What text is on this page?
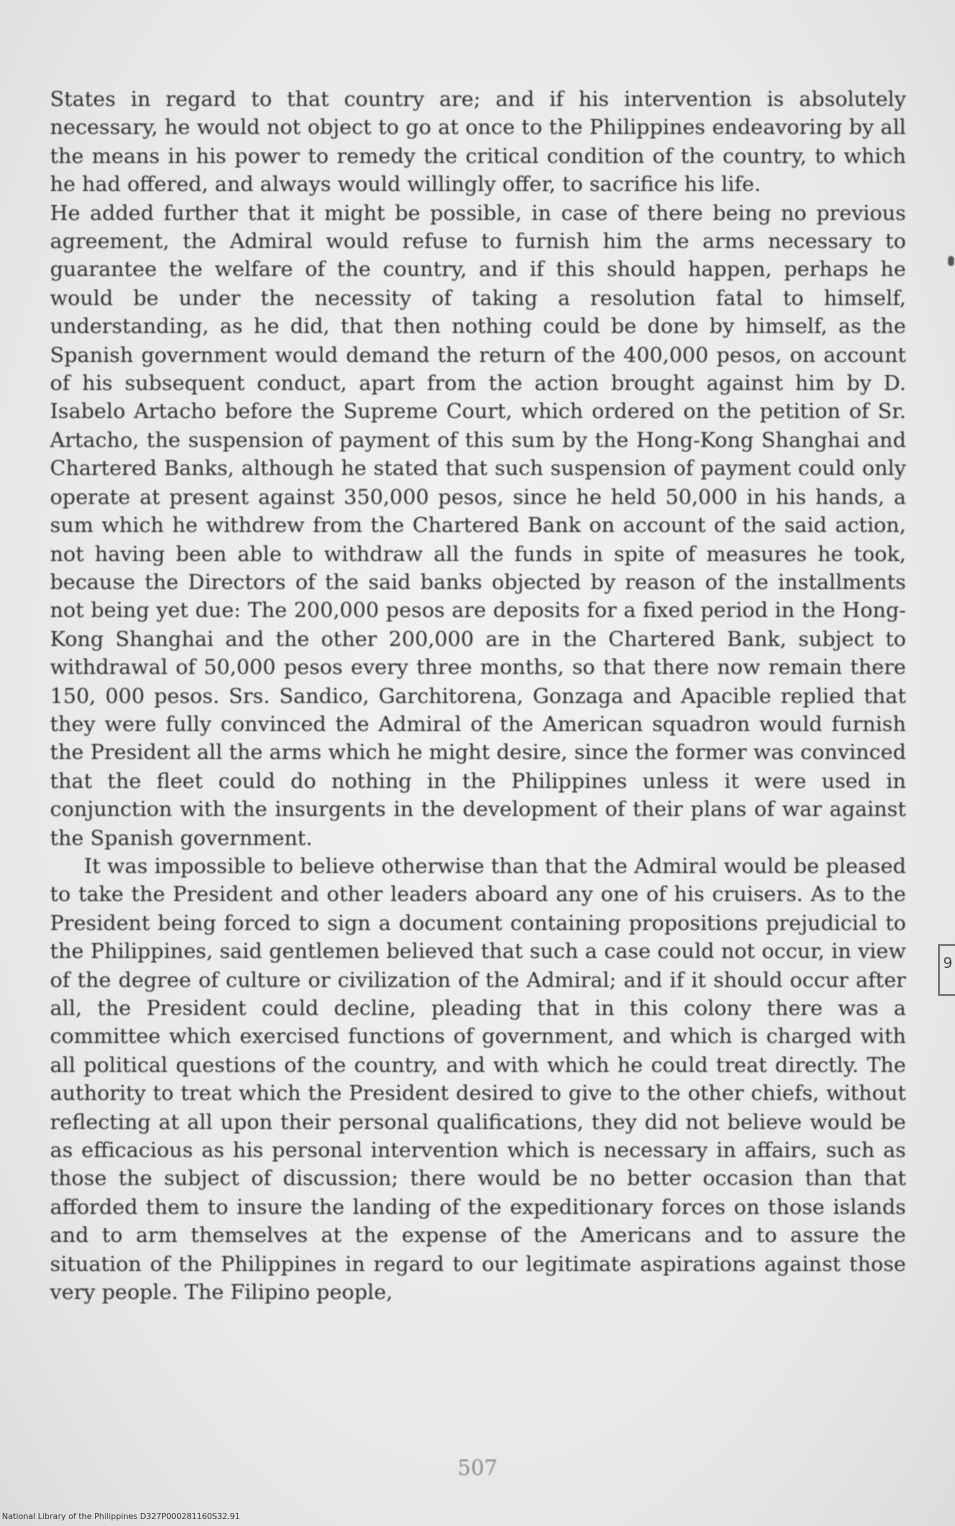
States in regard to that country are; and if his intervention is absolutely necessary, he would not object to go at once to the Philippines endeavoring by all the means in his power to remedy the critical condition of the country, to which he had offered, and always would willingly offer, to sacrifice his life.

He added further that it might be possible, in case of there being no previous agreement, the Admiral would refuse to furnish him the arms necessary to guarantee the welfare of the country, and if this should happen, perhaps he would be under the necessity of taking a resolution fatal to himself, understanding, as he did, that then nothing could be done by himself, as the Spanish government would demand the return of the 400,000 pesos, on account of his subsequent conduct, apart from the action brought against him by D. Isabelo Artacho before the Supreme Court, which ordered on the petition of Sr. Artacho, the suspension of payment of this sum by the Hong-Kong Shanghai and Chartered Banks, although he stated that such suspension of payment could only operate at present against 350,000 pesos, since he held 50,000 in his hands, a sum which he withdrew from the Chartered Bank on account of the said action, not having been able to withdraw all the funds in spite of measures he took, because the Directors of the said banks objected by reason of the installments not being yet due: The 200,000 pesos are deposits for a fixed period in the Hong-Kong Shanghai and the other 200,000 are in the Chartered Bank, subject to withdrawal of 50,000 pesos every three months, so that there now remain there 150, 000 pesos. Srs. Sandico, Garchitorena, Gonzaga and Apacible replied that they were fully convinced the Admiral of the American squadron would furnish the President all the arms which he might desire, since the former was convinced that the fleet could do nothing in the Philippines unless it were used in conjunction with the insurgents in the development of their plans of war against the Spanish government.

It was impossible to believe otherwise than that the Admiral would be pleased to take the President and other leaders aboard any one of his cruisers. As to the President being forced to sign a document containing propositions prejudicial to the Philippines, said gentlemen believed that such a case could not occur, in view of the degree of culture or civilization of the Admiral; and if it should occur after all, the President could decline, pleading that in this colony there was a committee which exercised functions of government, and which is charged with all political questions of the country, and with which he could treat directly. The authority to treat which the President desired to give to the other chiefs, without reflecting at all upon their personal qualifications, they did not believe would be as efficacious as his personal intervention which is necessary in affairs, such as those the subject of discussion; there would be no better occasion than that afforded them to insure the landing of the expeditionary forces on those islands and to arm themselves at the expense of the Americans and to assure the situation of the Philippines in regard to our legitimate aspirations against those very people. The Filipino people,

9
507
National Library of the Philippines D327P000281160S32.91
